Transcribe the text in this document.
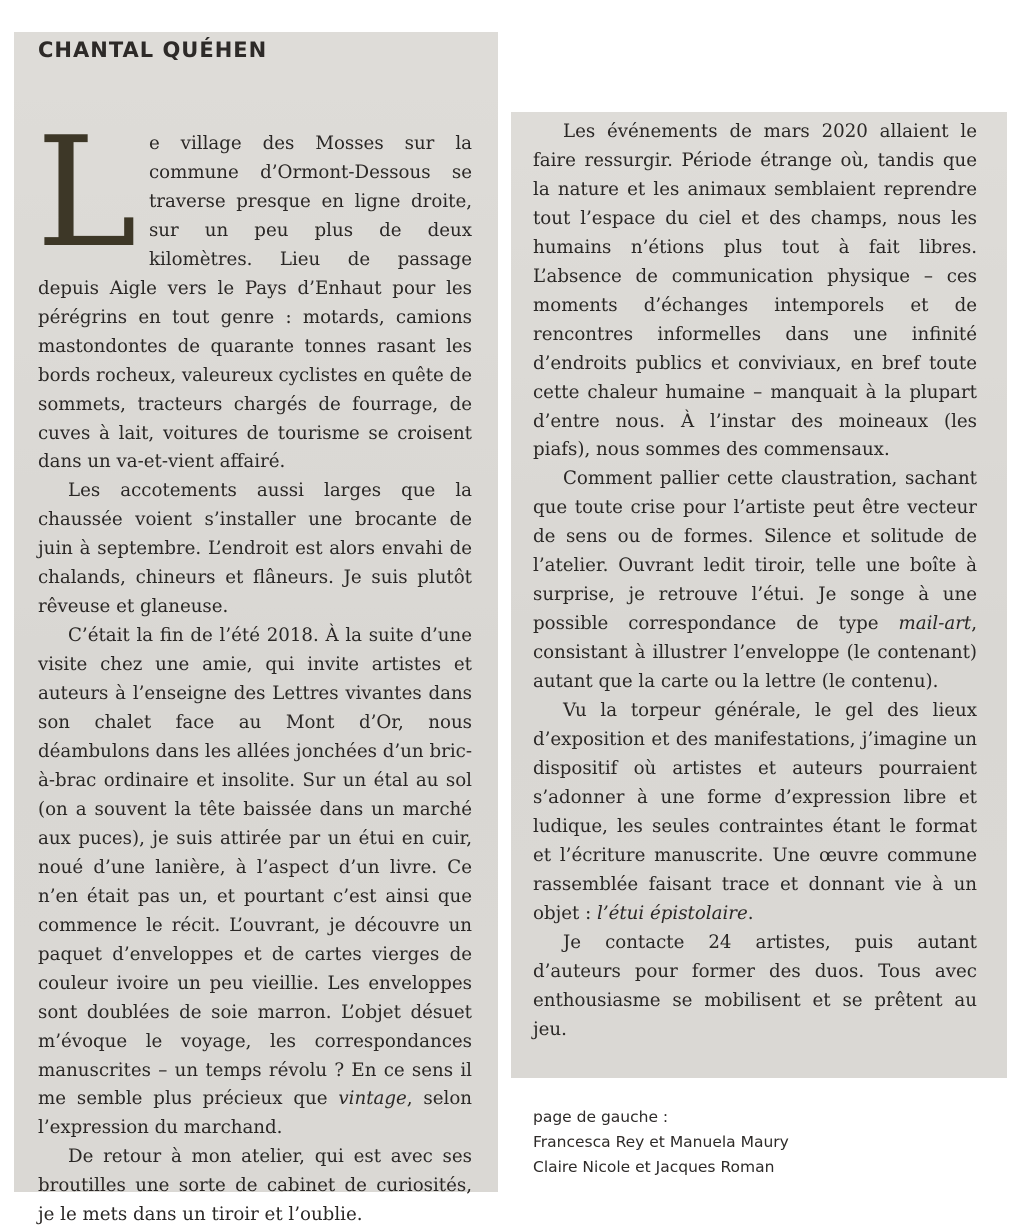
CHANTAL QUÉHEN

Le village des Mosses sur la commune d’Ormont-Dessous se traverse presque en ligne droite, sur un peu plus de deux kilomètres. Lieu de passage depuis Aigle vers le Pays d’Enhaut pour les pérégrins en tout genre : motards, camions mastondontes de quarante tonnes rasant les bords rocheux, valeureux cyclistes en quête de sommets, tracteurs chargés de fourrage, de cuves à lait, voitures de tourisme se croisent dans un va-et-vient affairé.

Les accotements aussi larges que la chaussée voient s’installer une brocante de juin à septembre. L’endroit est alors envahi de chalands, chineurs et flâneurs. Je suis plutôt rêveuse et glaneuse.

C’était la fin de l’été 2018. À la suite d’une visite chez une amie, qui invite artistes et auteurs à l’enseigne des Lettres vivantes dans son chalet face au Mont d’Or, nous déambulons dans les allées jonchées d’un bric-à-brac ordinaire et insolite. Sur un étal au sol (on a souvent la tête baissée dans un marché aux puces), je suis attirée par un étui en cuir, noué d’une lanière, à l’aspect d’un livre. Ce n’en était pas un, et pourtant c’est ainsi que commence le récit. L’ouvrant, je découvre un paquet d’enveloppes et de cartes vierges de couleur ivoire un peu vieillie. Les enveloppes sont doublées de soie marron. L’objet désuet m’évoque le voyage, les correspondances manuscrites – un temps révolu ? En ce sens il me semble plus précieux que vintage, selon l’expression du marchand.

De retour à mon atelier, qui est avec ses broutilles une sorte de cabinet de curiosités, je le mets dans un tiroir et l’oublie.

Les événements de mars 2020 allaient le faire ressurgir. Période étrange où, tandis que la nature et les animaux semblaient reprendre tout l’espace du ciel et des champs, nous les humains n’étions plus tout à fait libres. L’absence de communication physique – ces moments d’échanges intemporels et de rencontres informelles dans une infinité d’endroits publics et conviviaux, en bref toute cette chaleur humaine – manquait à la plupart d’entre nous. À l’instar des moineaux (les piafs), nous sommes des commensaux.

Comment pallier cette claustration, sachant que toute crise pour l’artiste peut être vecteur de sens ou de formes. Silence et solitude de l’atelier. Ouvrant ledit tiroir, telle une boîte à surprise, je retrouve l’étui. Je songe à une possible correspondance de type mail-art, consistant à illustrer l’enveloppe (le contenant) autant que la carte ou la lettre (le contenu).

Vu la torpeur générale, le gel des lieux d’exposition et des manifestations, j’imagine un dispositif où artistes et auteurs pourraient s’adonner à une forme d’expression libre et ludique, les seules contraintes étant le format et l’écriture manuscrite. Une œuvre commune rassemblée faisant trace et donnant vie à un objet : l’étui épistolaire.

Je contacte 24 artistes, puis autant d’auteurs pour former des duos. Tous avec enthousiasme se mobilisent et se prêtent au jeu.

page de gauche :
Francesca Rey et Manuela Maury
Claire Nicole et Jacques Roman
